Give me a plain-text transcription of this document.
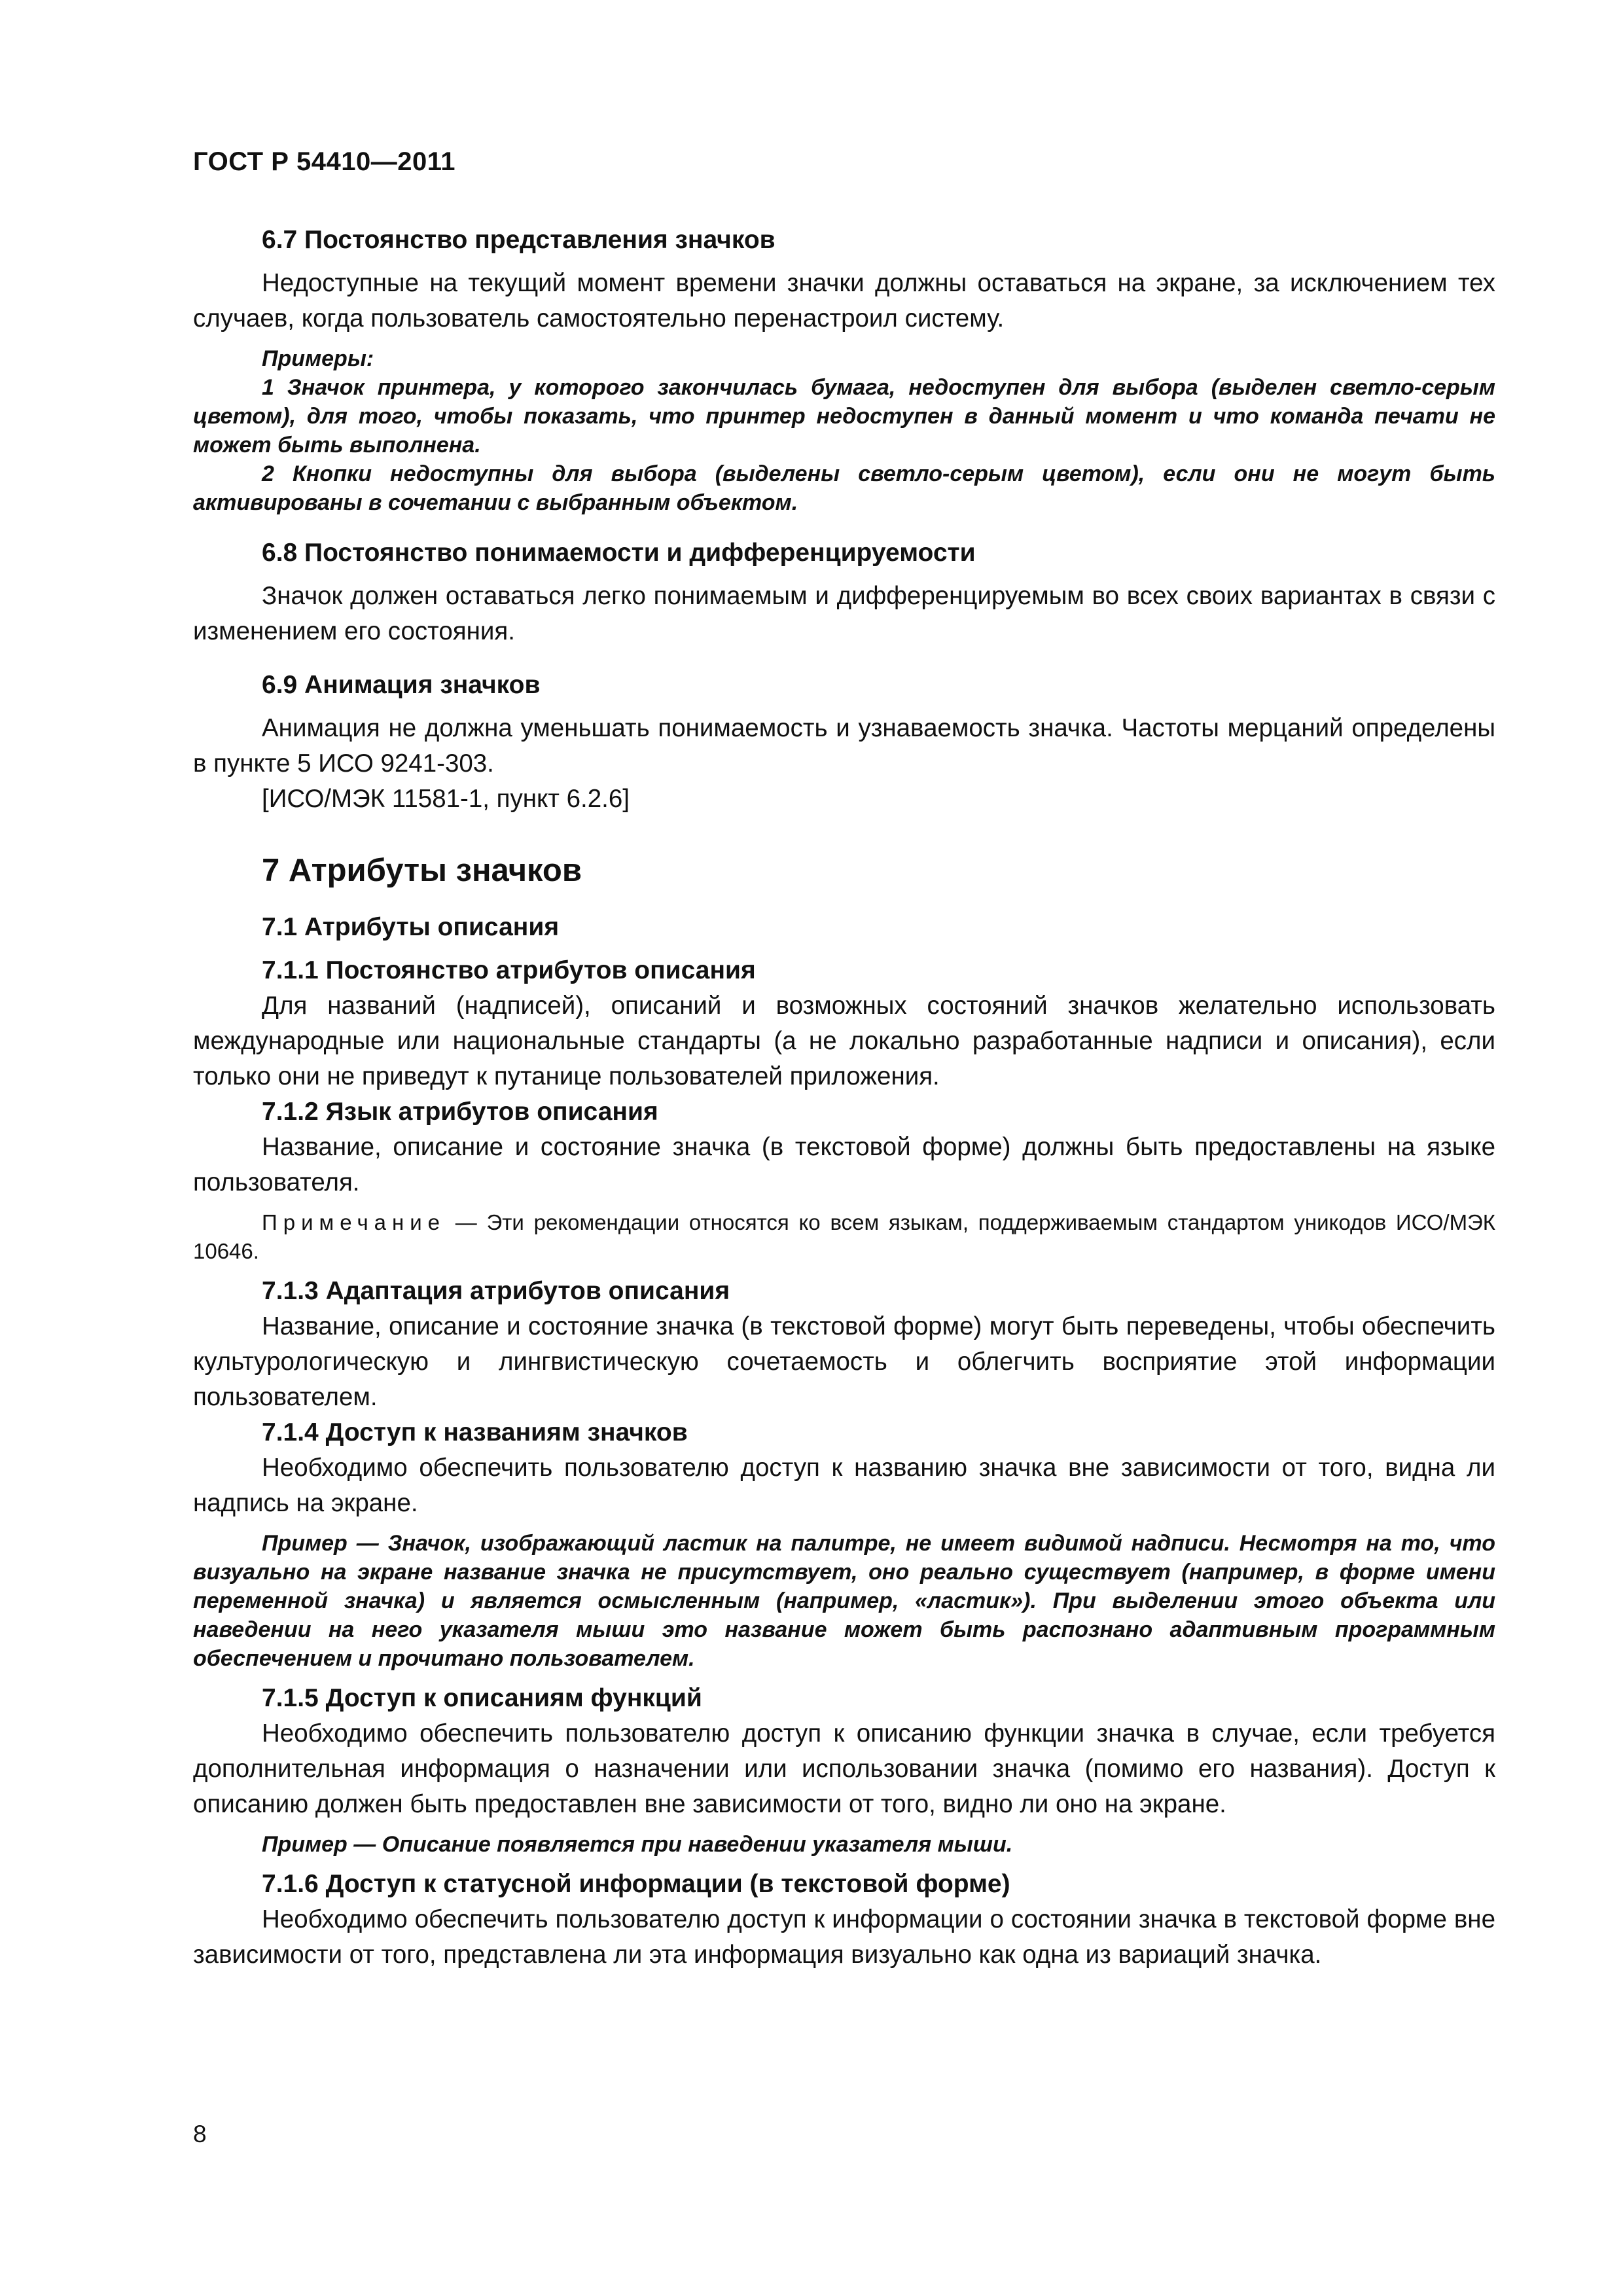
ГОСТ Р 54410—2011
6.7 Постоянство представления значков
Недоступные на текущий момент времени значки должны оставаться на экране, за исключением тех случаев, когда пользователь самостоятельно перенастроил систему.
Примеры:
1 Значок принтера, у которого закончилась бумага, недоступен для выбора (выделен светло-серым цветом), для того, чтобы показать, что принтер недоступен в данный момент и что команда печати не может быть выполнена.
2 Кнопки недоступны для выбора (выделены светло-серым цветом), если они не могут быть активированы в сочетании с выбранным объектом.
6.8 Постоянство понимаемости и дифференцируемости
Значок должен оставаться легко понимаемым и дифференцируемым во всех своих вариантах в связи с изменением его состояния.
6.9 Анимация значков
Анимация не должна уменьшать понимаемость и узнаваемость значка. Частоты мерцаний определены в пункте 5 ИСО 9241-303.
[ИСО/МЭК 11581-1, пункт 6.2.6]
7 Атрибуты значков
7.1 Атрибуты описания
7.1.1 Постоянство атрибутов описания
Для названий (надписей), описаний и возможных состояний значков желательно использовать международные или национальные стандарты (а не локально разработанные надписи и описания), если только они не приведут к путанице пользователей приложения.
7.1.2 Язык атрибутов описания
Название, описание и состояние значка (в текстовой форме) должны быть предоставлены на языке пользователя.
Примечание — Эти рекомендации относятся ко всем языкам, поддерживаемым стандартом уникодов ИСО/МЭК 10646.
7.1.3 Адаптация атрибутов описания
Название, описание и состояние значка (в текстовой форме) могут быть переведены, чтобы обеспечить культурологическую и лингвистическую сочетаемость и облегчить восприятие этой информации пользователем.
7.1.4 Доступ к названиям значков
Необходимо обеспечить пользователю доступ к названию значка вне зависимости от того, видна ли надпись на экране.
Пример — Значок, изображающий ластик на палитре, не имеет видимой надписи. Несмотря на то, что визуально на экране название значка не присутствует, оно реально существует (например, в форме имени переменной значка) и является осмысленным (например, «ластик»). При выделении этого объекта или наведении на него указателя мыши это название может быть распознано адаптивным программным обеспечением и прочитано пользователем.
7.1.5 Доступ к описаниям функций
Необходимо обеспечить пользователю доступ к описанию функции значка в случае, если требуется дополнительная информация о назначении или использовании значка (помимо его названия). Доступ к описанию должен быть предоставлен вне зависимости от того, видно ли оно на экране.
Пример — Описание появляется при наведении указателя мыши.
7.1.6 Доступ к статусной информации (в текстовой форме)
Необходимо обеспечить пользователю доступ к информации о состоянии значка в текстовой форме вне зависимости от того, представлена ли эта информация визуально как одна из вариаций значка.
8
